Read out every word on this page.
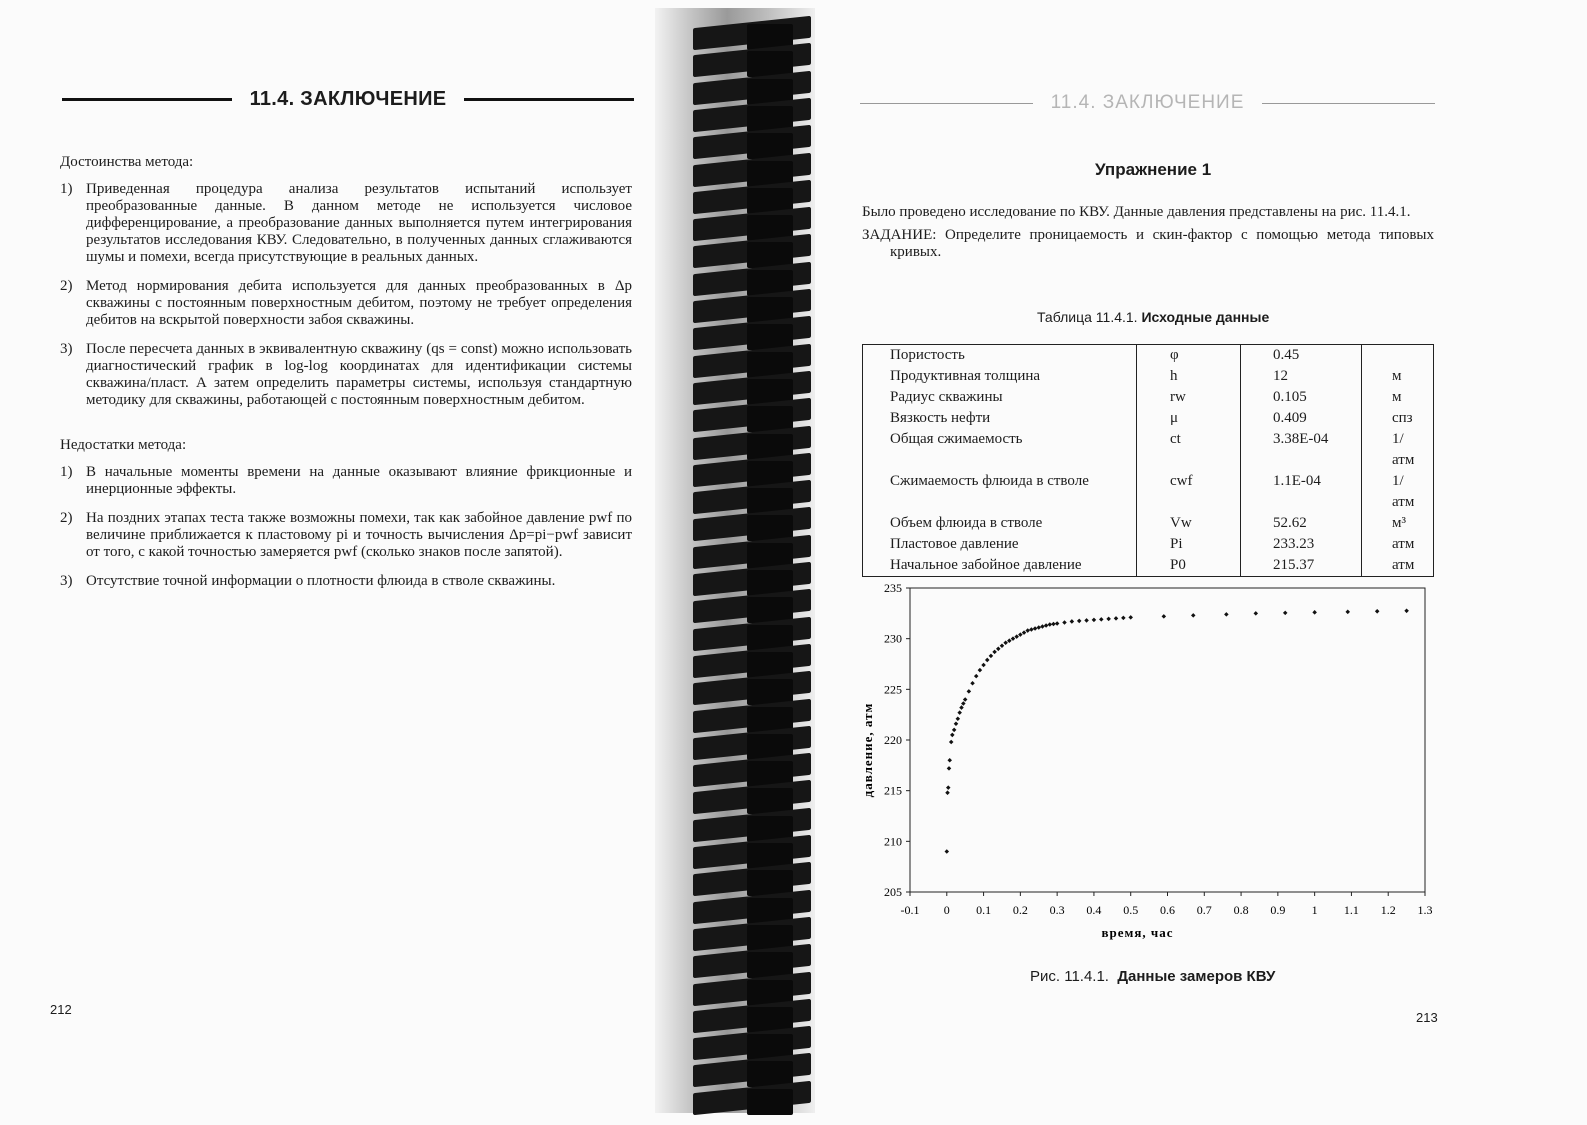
11.4. ЗАКЛЮЧЕНИЕ
Достоинства метода:
1) Приведенная процедура анализа результатов испытаний использует преобразованные данные. В данном методе не используется числовое дифференцирование, а преобразование данных выполняется путем интегрирования результатов исследования КВУ. Следовательно, в полученных данных сглаживаются шумы и помехи, всегда присутствующие в реальных данных.
2) Метод нормирования дебита используется для данных преобразованных в Δp скважины с постоянным поверхностным дебитом, поэтому не требует определения дебитов на вскрытой поверхности забоя скважины.
3) После пересчета данных в эквивалентную скважину (qs = const) можно использовать диагностический график в log-log координатах для идентификации системы скважина/пласт. А затем определить параметры системы, используя стандартную методику для скважины, работающей с постоянным поверхностным дебитом.
Недостатки метода:
1) В начальные моменты времени на данные оказывают влияние фрикционные и инерционные эффекты.
2) На поздних этапах теста также возможны помехи, так как забойное давление pwf по величине приближается к пластовому pi и точность вычисления Δp=pi−pwf зависит от того, с какой точностью замеряется pwf (сколько знаков после запятой).
3) Отсутствие точной информации о плотности флюида в стволе скважины.
212
11.4. ЗАКЛЮЧЕНИЕ
Упражнение 1
Было проведено исследование по КВУ. Данные давления представлены на рис. 11.4.1.
ЗАДАНИЕ: Определите проницаемость и скин-фактор с помощью метода типовых кривых.
Таблица 11.4.1. Исходные данные
Пористость	φ	0.45	
Продуктивная толщина	h	12	м
Радиус скважины	rw	0.105	м
Вязкость нефти	μ	0.409	спз
Общая сжимаемость	ct	3.38E-04	1/атм
Сжимаемость флюида в стволе	cwf	1.1E-04	1/атм
Объем флюида в стволе	Vw	52.62	м³
Пластовое давление	Pi	233.23	атм
Начальное забойное давление	P0	215.37	атм
-0.1 0 0.1 0.2 0.3 0.4 0.5 0.6 0.7 0.8 0.9 1 1.1 1.2 1.3
205
210
215
220
225
230
235
время, час
давление, атм
Рис. 11.4.1. Данные замеров КВУ
213
